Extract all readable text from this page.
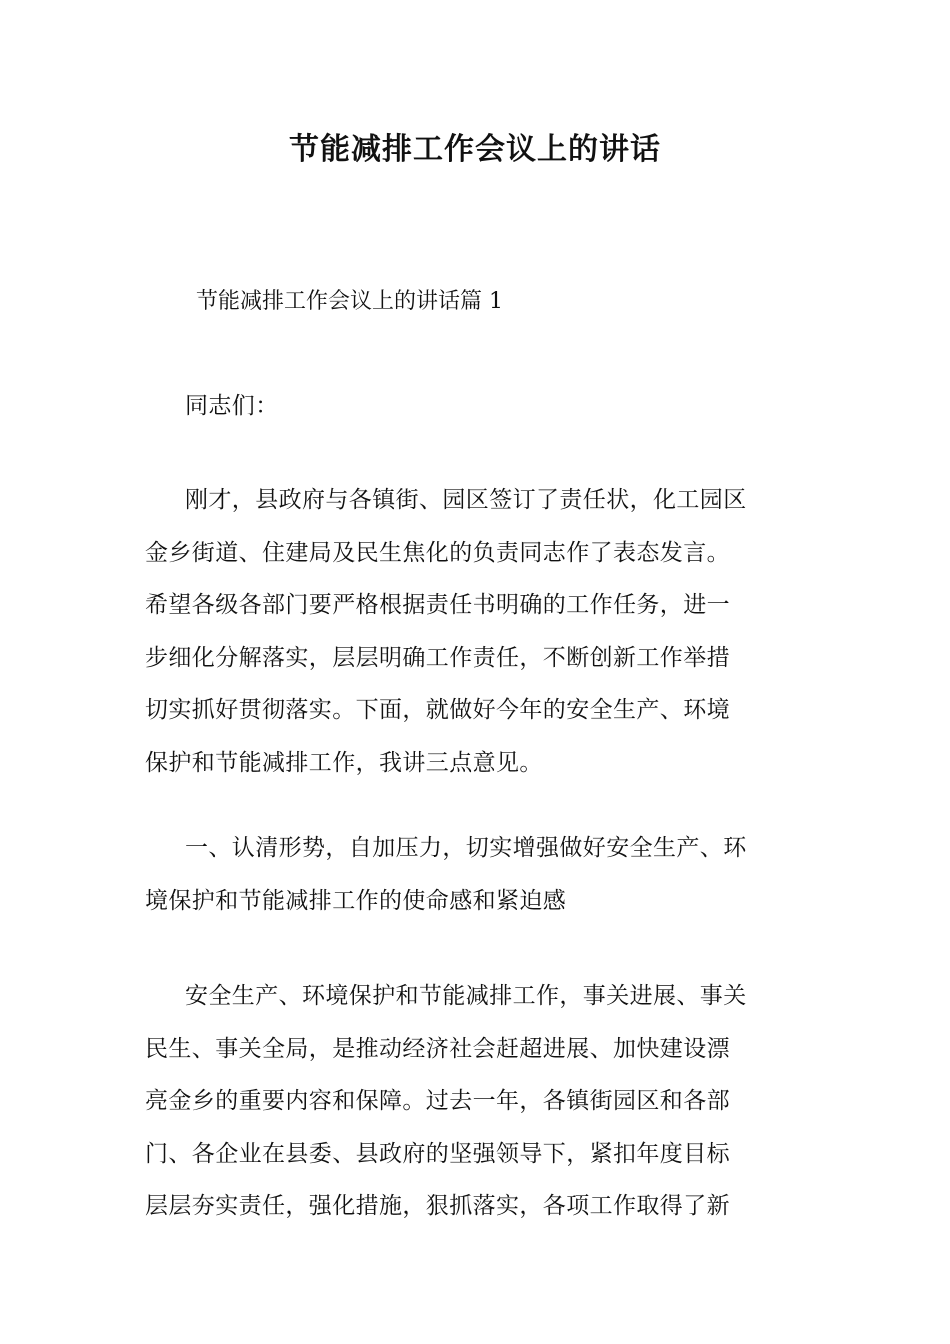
节能减排工作会议上的讲话

节能减排工作会议上的讲话篇 1

同志们：

刚才，县政府与各镇街、园区签订了责任状，化工园区
金乡街道、住建局及民生焦化的负责同志作了表态发言。
希望各级各部门要严格根据责任书明确的工作任务，进一
步细化分解落实，层层明确工作责任，不断创新工作举措
切实抓好贯彻落实。下面，就做好今年的安全生产、环境
保护和节能减排工作，我讲三点意见。
一、认清形势，自加压力，切实增强做好安全生产、环
境保护和节能减排工作的使命感和紧迫感
安全生产、环境保护和节能减排工作，事关进展、事关
民生、事关全局，是推动经济社会赶超进展、加快建设漂
亮金乡的重要内容和保障。过去一年，各镇街园区和各部
门、各企业在县委、县政府的坚强领导下，紧扣年度目标
层层夯实责任，强化措施，狠抓落实，各项工作取得了新
